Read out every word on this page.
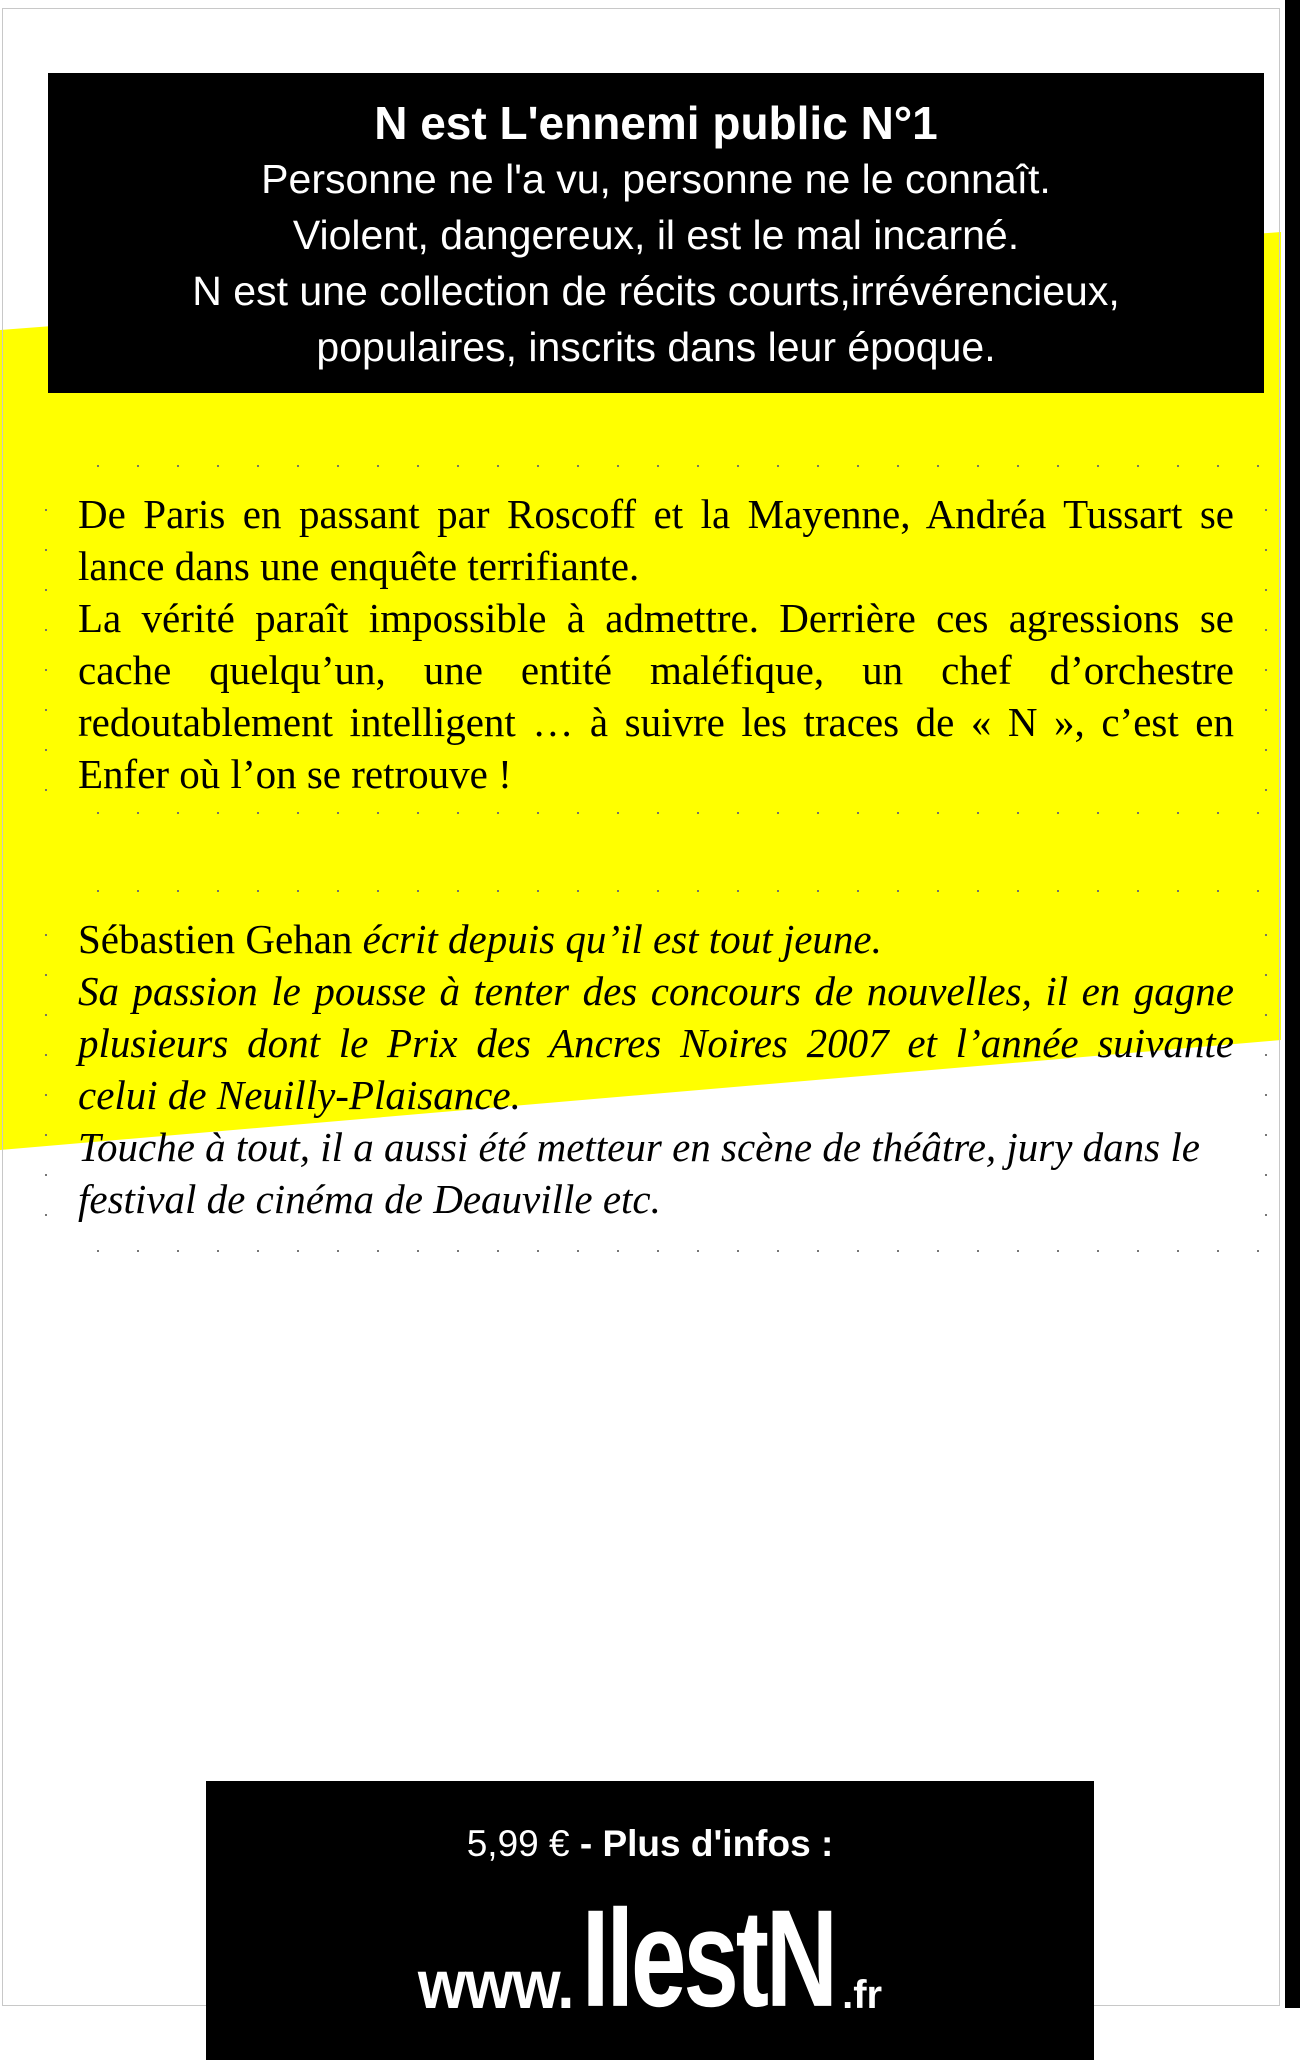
N est L'ennemi public N°1
Personne ne l'a vu, personne ne le connaît.
Violent, dangereux, il est le mal incarné.
N est une collection de récits courts,irrévérencieux,
populaires, inscrits dans leur époque.

De Paris en passant par Roscoff et la Mayenne, Andréa Tussart se lance dans une enquête terrifiante.

La vérité paraît impossible à admettre. Derrière ces agressions se cache quelqu’un, une entité maléfique, un chef d’orchestre redoutablement intelligent … à suivre les traces de « N », c’est en Enfer où l’on se retrouve !

Sébastien Gehan écrit depuis qu’il est tout jeune.

Sa passion le pousse à tenter des concours de nouvelles, il en gagne plusieurs dont le Prix des Ancres Noires 2007 et l’année suivante celui de Neuilly-Plaisance.

Touche à tout, il a aussi été metteur en scène de théâtre, jury dans le festival de cinéma de Deauville etc.

5,99 € - Plus d'infos :
www. IlestN .fr
